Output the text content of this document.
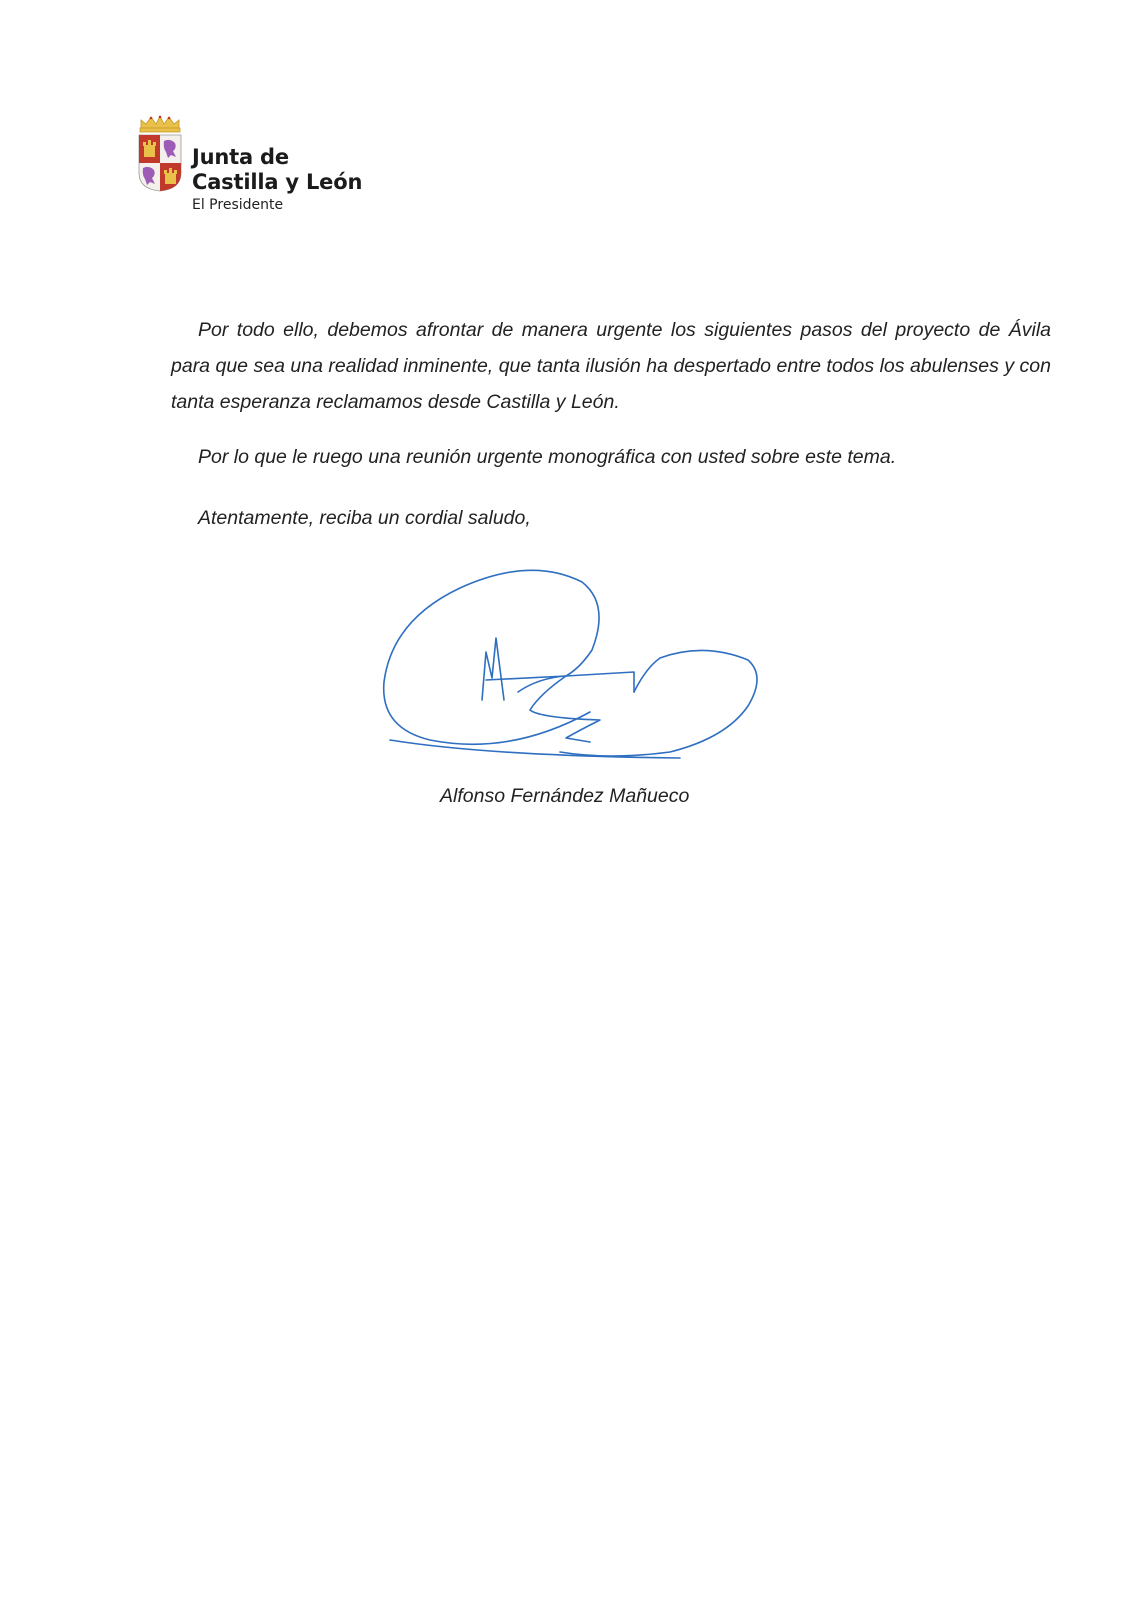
Junta de
Castilla y León
El Presidente

Por todo ello, debemos afrontar de manera urgente los siguientes pasos del proyecto de Ávila para que sea una realidad inminente, que tanta ilusión ha despertado entre todos los abulenses y con tanta esperanza reclamamos desde Castilla y León.

Por lo que le ruego una reunión urgente monográfica con usted sobre este tema.

Atentamente, reciba un cordial saludo,

Alfonso Fernández Mañueco
